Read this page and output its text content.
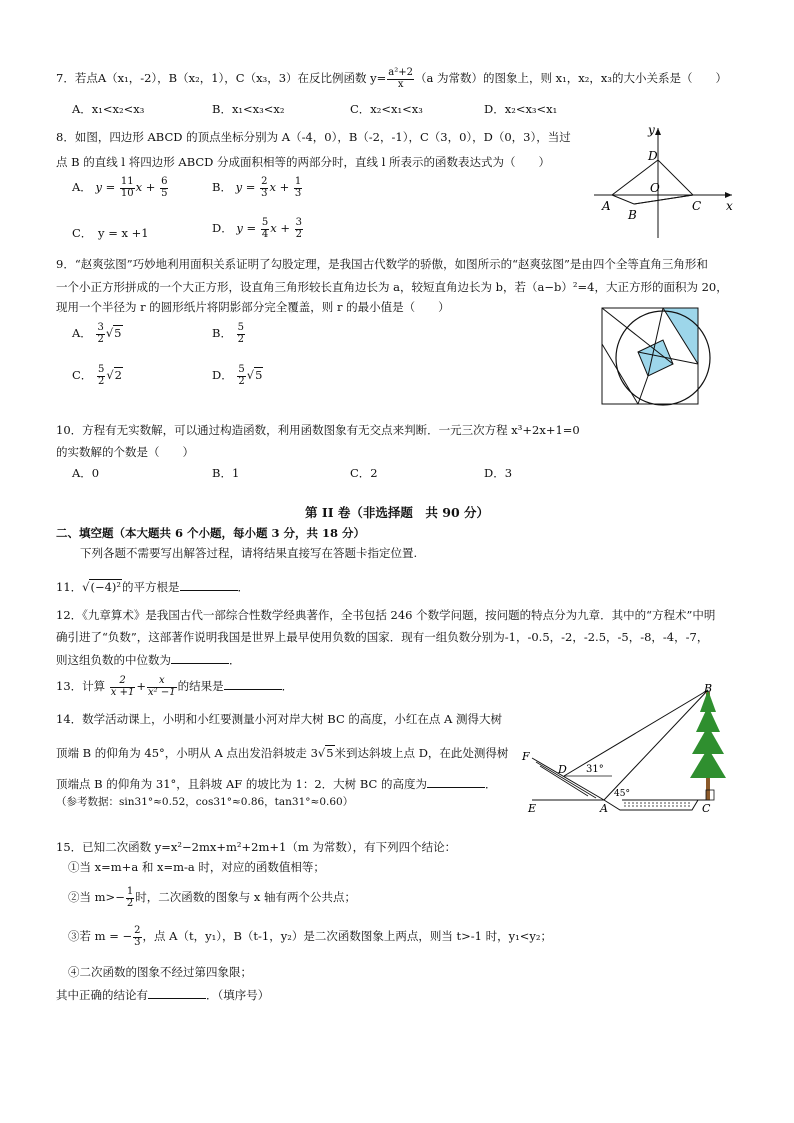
7．若点A（x₁，-2），B（x₂，1），C（x₃，3）在反比例函数 $y= \frac{\text{a²+2}}{x} (a$ 为常数）的图象上，则 x₁，x₂，x₃的大小关系是（　　）
A．x₁<x₂<x₃	B．x₁<x₃<x₂	C．x₂<x₁<x₃	D．x₂<x₃<x₁
8．如图，四边形 ABCD 的顶点坐标分别为 A（-4，0），B（-2，-1），C（3，0），D（0，3），当过
点 B 的直线 l 将四边形 ABCD 分成面积相等的两部分时，直线 l 所表示的函数表达式为（　　）
A． $y = \frac{11}{10}$ $x + \frac{6}{5}$	B． $y = \frac{2}{3}$ $x + \frac{1}{3}$
C．　y = x +1	D． $y = \frac{5}{4}$ $x + \frac{3}{2}$
y
x
D
O
A
B
C
9．“赵爽弦图”巧妙地利用面积关系证明了勾股定理，是我国古代数学的骄傲，如图所示的“赵爽弦图”是由四个全等直角三角形和
一个小正方形拼成的一个大正方形，设直角三角形较长直角边长为 a，较短直角边长为 b，若（a−b）²=4，大正方形的面积为 20，
现用一个半径为 r 的圆形纸片将阴影部分完全覆盖，则 r 的最小值是（　　）
A． $\frac{3}{2} √5$	B． $\frac{5}{2}$
C． $\frac{5}{2} √2$	D． $\frac{5}{2} √5$
10．方程有无实数解，可以通过构造函数，利用函数图象有无交点来判断．一元三次方程 x³+2x+1=0
的实数解的个数是（　　）
A．0	B．1	C．2	D．3
第 II 卷（非选择题　共 90 分）
二、填空题（本大题共 6 个小题，每小题 3 分，共 18 分）
下列各题不需要写出解答过程，请将结果直接写在答题卡指定位置.
11．√(−4)²的平方根是	．
12．《九章算术》是我国古代一部综合性数学经典著作，全书包括 246 个数学问题，按问题的特点分为九章．其中的“方程术”中明
确引进了“负数”，这部著作说明我国是世界上最早使用负数的国家．现有一组负数分别为-1，-0.5，-2，-2.5，-5，-8，-4，-7，
则这组负数的中位数为	．
13．计算 $\frac{2}{x +1} + \frac{x}{\text{x² −1}}$ 的结果是	．
14．数学活动课上，小明和小红要测量小河对岸大树 BC 的高度，小红在点 A 测得大树
顶端 B 的仰角为 45°，小明从 A 点出发沿斜坡走 3√5米到达斜坡上点 D，在此处测得树
顶端点 B 的仰角为 31°，且斜坡 AF 的坡比为 1：2．大树 BC 的高度为	．
（参考数据：sin31°≈0.52，cos31°≈0.86，tan31°≈0.60）
B
F
D 31°
45°
E	A	C
15．已知二次函数 y=x²−2mx+m²+2m+1（m 为常数），有下列四个结论：
①当 x=m+a 和 x=m-a 时，对应的函数值相等；
②当 $m>- \frac{1}{2}$ 时，二次函数的图象与 x 轴有两个公共点；
③若 m = − $\frac{2}{3}$ ，点 A（t，y₁），B（t-1，y₂）是二次函数图象上两点，则当 t>-1 时，y₁<y₂；
④二次函数的图象不经过第四象限；
其中正确的结论有	．（填序号）
